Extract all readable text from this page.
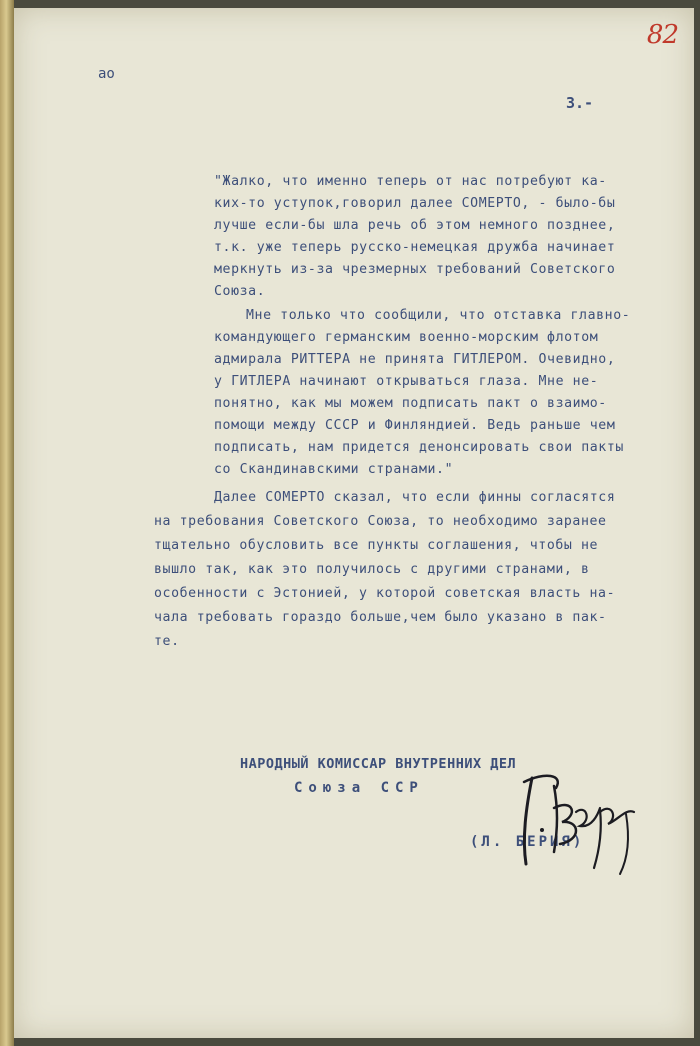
82
ао
3.-
"Жалко, что именно теперь от нас потребуют ка-
ких-то уступок,говорил далее СОМЕРТО, - было-бы
лучше если-бы шла речь об этом немного позднее,
т.к. уже теперь русско-немецкая дружба начинает
меркнуть из-за чрезмерных требований Советского
Союза.
Мне только что сообщили, что отставка главно-
командующего германским военно-морским флотом
адмирала РИТТЕРА не принята ГИТЛЕРОМ. Очевидно,
у ГИТЛЕРА начинают открываться глаза. Мне не-
понятно, как мы можем подписать пакт о взаимо-
помощи между СССР и Финляндией. Ведь раньше чем
подписать, нам придется денонсировать свои пакты
со Скандинавскими странами."
Далее СОМЕРТО сказал, что если финны согласятся
на требования Советского Союза, то необходимо заранее
тщательно обусловить все пункты соглашения, чтобы не
вышло так, как это получилось с другими странами, в
особенности с Эстонией, у которой советская власть на-
чала требовать гораздо больше,чем было указано в пак-
те.
НАРОДНЫЙ КОМИССАР ВНУТРЕННИХ ДЕЛ
Союза ССР
(Л. БЕРИЯ)
